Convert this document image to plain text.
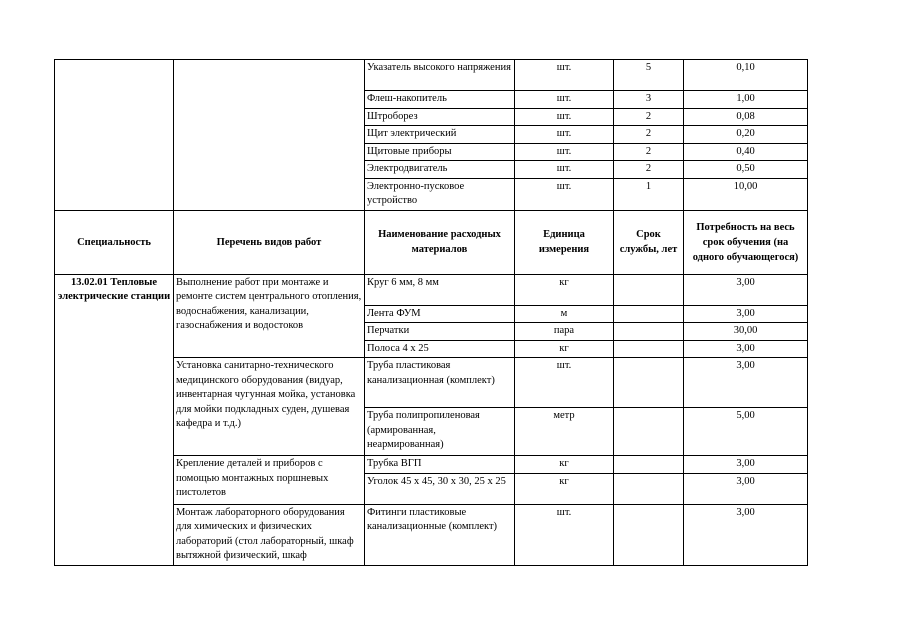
		Указатель высокого напряжения	шт.	5	0,10
		Флеш-накопитель	шт.	3	1,00
		Штроборез	шт.	2	0,08
		Щит электрический	шт.	2	0,20
		Щитовые приборы	шт.	2	0,40
		Электродвигатель	шт.	2	0,50
		Электронно-пусковое устройство	шт.	1	10,00
Специальность	Перечень видов работ	Наименование расходных материалов	Единица измерения	Срок службы, лет	Потребность на весь срок обучения (на одного обучающегося)
13.02.01 Тепловые электрические станции	Выполнение работ при монтаже и ремонте систем центрального отопления, водоснабжения, канализации, газоснабжения и водостоков	Круг 6 мм, 8 мм	кг		3,00
		Лента ФУМ	м		3,00
		Перчатки	пара		30,00
		Полоса 4 х 25	кг		3,00
	Установка санитарно-технического медицинского оборудования (видуар, инвентарная чугунная мойка, установка для мойки подкладных суден, душевая кафедра и т.д.)	Труба пластиковая канализационная (комплект)	шт.		3,00
		Труба полипропиленовая (армированная, неармированная)	метр		5,00
	Крепление деталей и приборов с помощью монтажных поршневых пистолетов	Трубка ВГП	кг		3,00
		Уголок 45 х 45, 30 х 30, 25 х 25	кг		3,00
	Монтаж лабораторного оборудования для химических и физических лабораторий (стол лабораторный, шкаф вытяжной физический, шкаф	Фитинги пластиковые канализационные (комплект)	шт.		3,00
